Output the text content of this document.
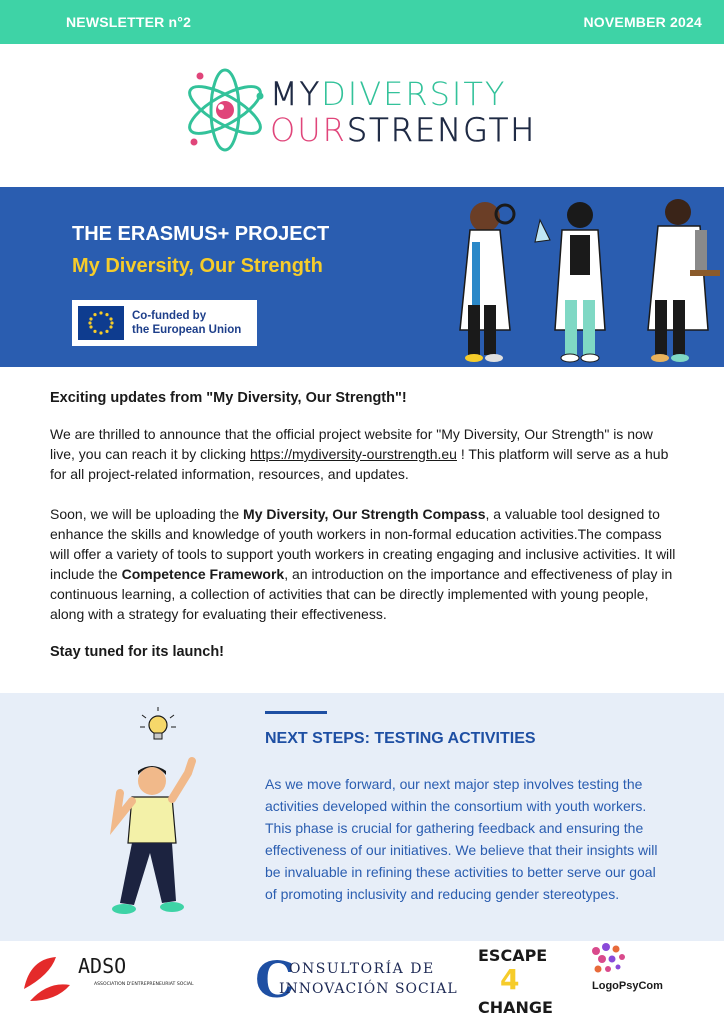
NEWSLETTER n°2	NOVEMBER 2024
MYDIVERSITY
OURSTRENGTH
THE ERASMUS+ PROJECT
My Diversity, Our Strength
Co-funded by
the European Union

Exciting updates from "My Diversity, Our Strength"!

We are thrilled to announce that the official project website for "My Diversity, Our Strength" is now live, you can reach it by clicking https://mydiversity-ourstrength.eu ! This platform will serve as a hub for all project-related information, resources, and updates.

Soon, we will be uploading the My Diversity, Our Strength Compass, a valuable tool designed to enhance the skills and knowledge of youth workers in non-formal education activities.The compass will offer a variety of tools to support youth workers in creating engaging and inclusive activities. It will include the Competence Framework, an introduction on the importance and effectiveness of play in continuous learning, a collection of activities that can be directly implemented with young people, along with a strategy for evaluating their effectiveness.

Stay tuned for its launch!

NEXT STEPS: TESTING ACTIVITIES
As we move forward, our next major step involves testing the activities developed within the consortium with youth workers. This phase is crucial for gathering feedback and ensuring the effectiveness of our initiatives. We believe that their insights will be invaluable in refining these activities to better serve our goal of promoting inclusivity and reducing gender stereotypes.
ADSO
ASSOCIATION D'ENTREPRENEURIAT SOCIAL C
ONSULTORÍA DE
INNOVACIÓN SOCIAL
ESCAPE
4
CHANGE
LogoPsyCom
